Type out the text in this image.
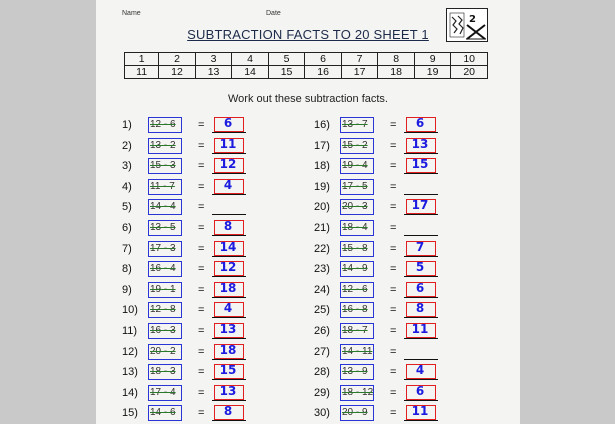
Name	Date
2
SUBTRACTION FACTS TO 20 SHEET 1
1	2	3	4	5	6	7	8	9	10
11	12	13	14	15	16	17	18	19	20
Work out these subtraction facts.
1) 12 - 6 =	6
2) 13 - 2 =	11
3) 15 - 3 =	12
4) 11 - 7 =	4
5) 14 - 4 =
6) 13 - 5 =	8
7) 17 - 3 =	14
8) 16 - 4 =	12
9) 19 - 1 =	18
10) 12 - 8 =	4
11) 16 - 3 =	13
12) 20 - 2 =	18
13) 18 - 3 =	15
14) 17 - 4 =	13
15) 14 - 6 =	8
16) 13 - 7 =	6
17) 15 - 2 =	13
18) 19 - 4 =	15
19) 17 - 5 =
20) 20 - 3 =	17
21) 18 - 4 =
22) 15 - 8 =	7
23) 14 - 9 =	5
24) 12 - 6 =	6
25) 16 - 8 =	8
26) 18 - 7 =	11
27) 14 - 11 =
28) 13 - 9 =	4
29) 18 - 12 =	6
30) 20 - 9 =	11
